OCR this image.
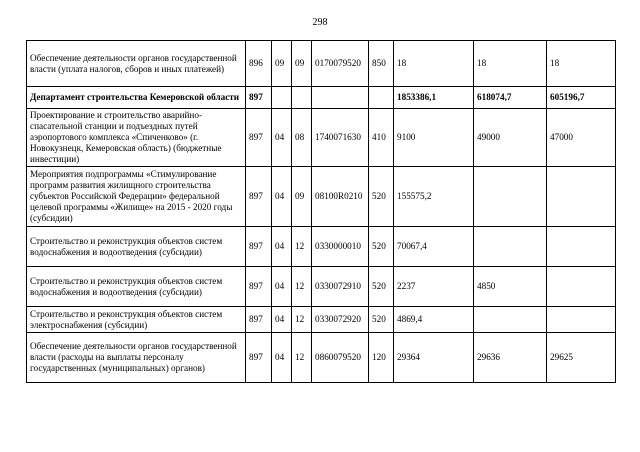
298
Обеспечение деятельности органов государственной власти (уплата налогов, сборов и иных платежей)	896	09	09	0170079520	850	18	18	18
Департамент строительства Кемеровской области	897					1853386,1	618074,7	605196,7
Проектирование и строительство аварийно-спасательной станции и подъездных путей аэропортового комплекса «Спиченково» (г. Новокузнецк, Кемеровская область) (бюджетные инвестиции)	897	04	08	1740071630	410	9100	49000	47000
Мероприятия подпрограммы «Стимулирование программ развития жилищного строительства субъектов Российской Федерации» федеральной целевой программы «Жилище» на 2015 - 2020 годы (субсидии)	897	04	09	08100R0210	520	155575,2		
Строительство и реконструкция объектов систем водоснабжения и водоотведения (субсидии)	897	04	12	0330000010	520	70067,4		
Строительство и реконструкция объектов систем водоснабжения и водоотведения (субсидии)	897	04	12	0330072910	520	2237	4850	
Строительство и реконструкция объектов систем электроснабжения (субсидии)	897	04	12	0330072920	520	4869,4		
Обеспечение деятельности органов государственной власти (расходы на выплаты персоналу государственных (муниципальных) органов)	897	04	12	0860079520	120	29364	29636	29625
